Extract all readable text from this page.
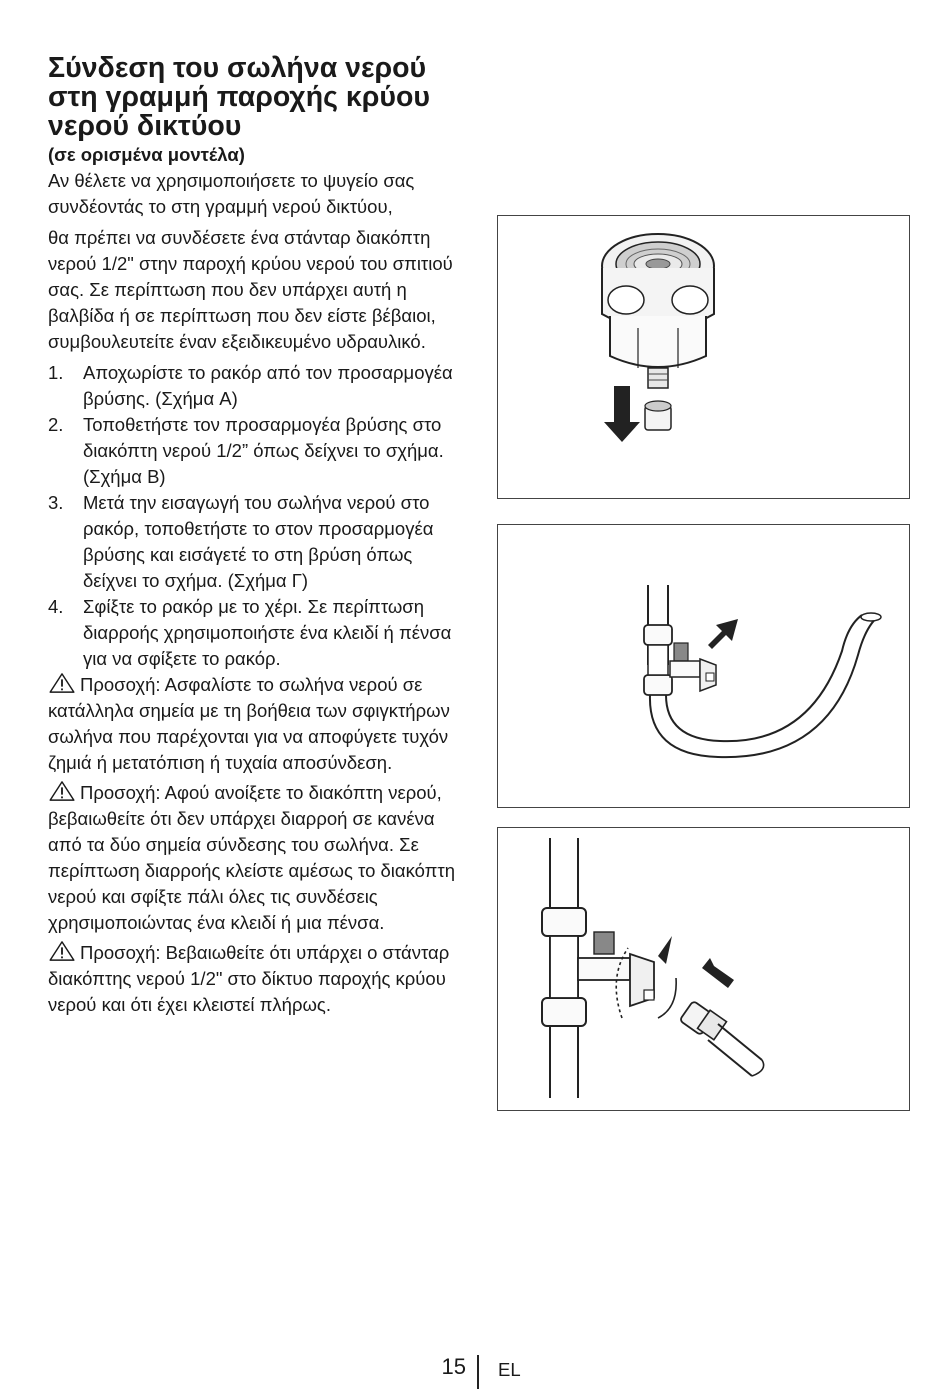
Σύνδεση του σωλήνα νερού
στη γραμμή παροχής κρύου
νερού δικτύου
(σε ορισμένα μοντέλα)

Αν θέλετε να χρησιμοποιήσετε το ψυγείο σας συνδέοντάς το στη γραμμή νερού δικτύου,

θα πρέπει να συνδέσετε ένα στάνταρ διακόπτη νερού 1/2" στην παροχή κρύου νερού του σπιτιού σας. Σε περίπτωση που δεν υπάρχει αυτή η βαλβίδα ή σε περίπτωση που δεν είστε βέβαιοι, συμβουλευτείτε έναν εξειδικευμένο υδραυλικό.

1. Αποχωρίστε το ρακόρ από τον προσαρμογέα βρύσης. (Σχήμα A)
2. Τοποθετήστε τον προσαρμογέα βρύσης στο διακόπτη νερού 1/2” όπως δείχνει το σχήμα. (Σχήμα B)
3. Μετά την εισαγωγή του σωλήνα νερού στο ρακόρ, τοποθετήστε το στον προσαρμογέα βρύσης και εισάγετέ το στη βρύση όπως δείχνει το σχήμα. (Σχήμα Γ)
4. Σφίξτε το ρακόρ με το χέρι. Σε περίπτωση διαρροής χρησιμοποιήστε ένα κλειδί ή πένσα για να σφίξετε το ρακόρ.

Προσοχή: Ασφαλίστε το σωλήνα νερού σε κατάλληλα σημεία με τη βοήθεια των σφιγκτήρων σωλήνα που παρέχονται για να αποφύγετε τυχόν ζημιά ή μετατόπιση ή τυχαία αποσύνδεση.

Προσοχή: Αφού ανοίξετε το διακόπτη νερού, βεβαιωθείτε ότι δεν υπάρχει διαρροή σε κανένα από τα δύο σημεία σύνδεσης του σωλήνα. Σε περίπτωση διαρροής κλείστε αμέσως το διακόπτη νερού και σφίξτε πάλι όλες τις συνδέσεις χρησιμοποιώντας ένα κλειδί ή μια πένσα.

Προσοχή: Βεβαιωθείτε ότι υπάρχει ο στάνταρ διακόπτης νερού 1/2" στο δίκτυο παροχής κρύου νερού και ότι έχει κλειστεί πλήρως.

15 EL
